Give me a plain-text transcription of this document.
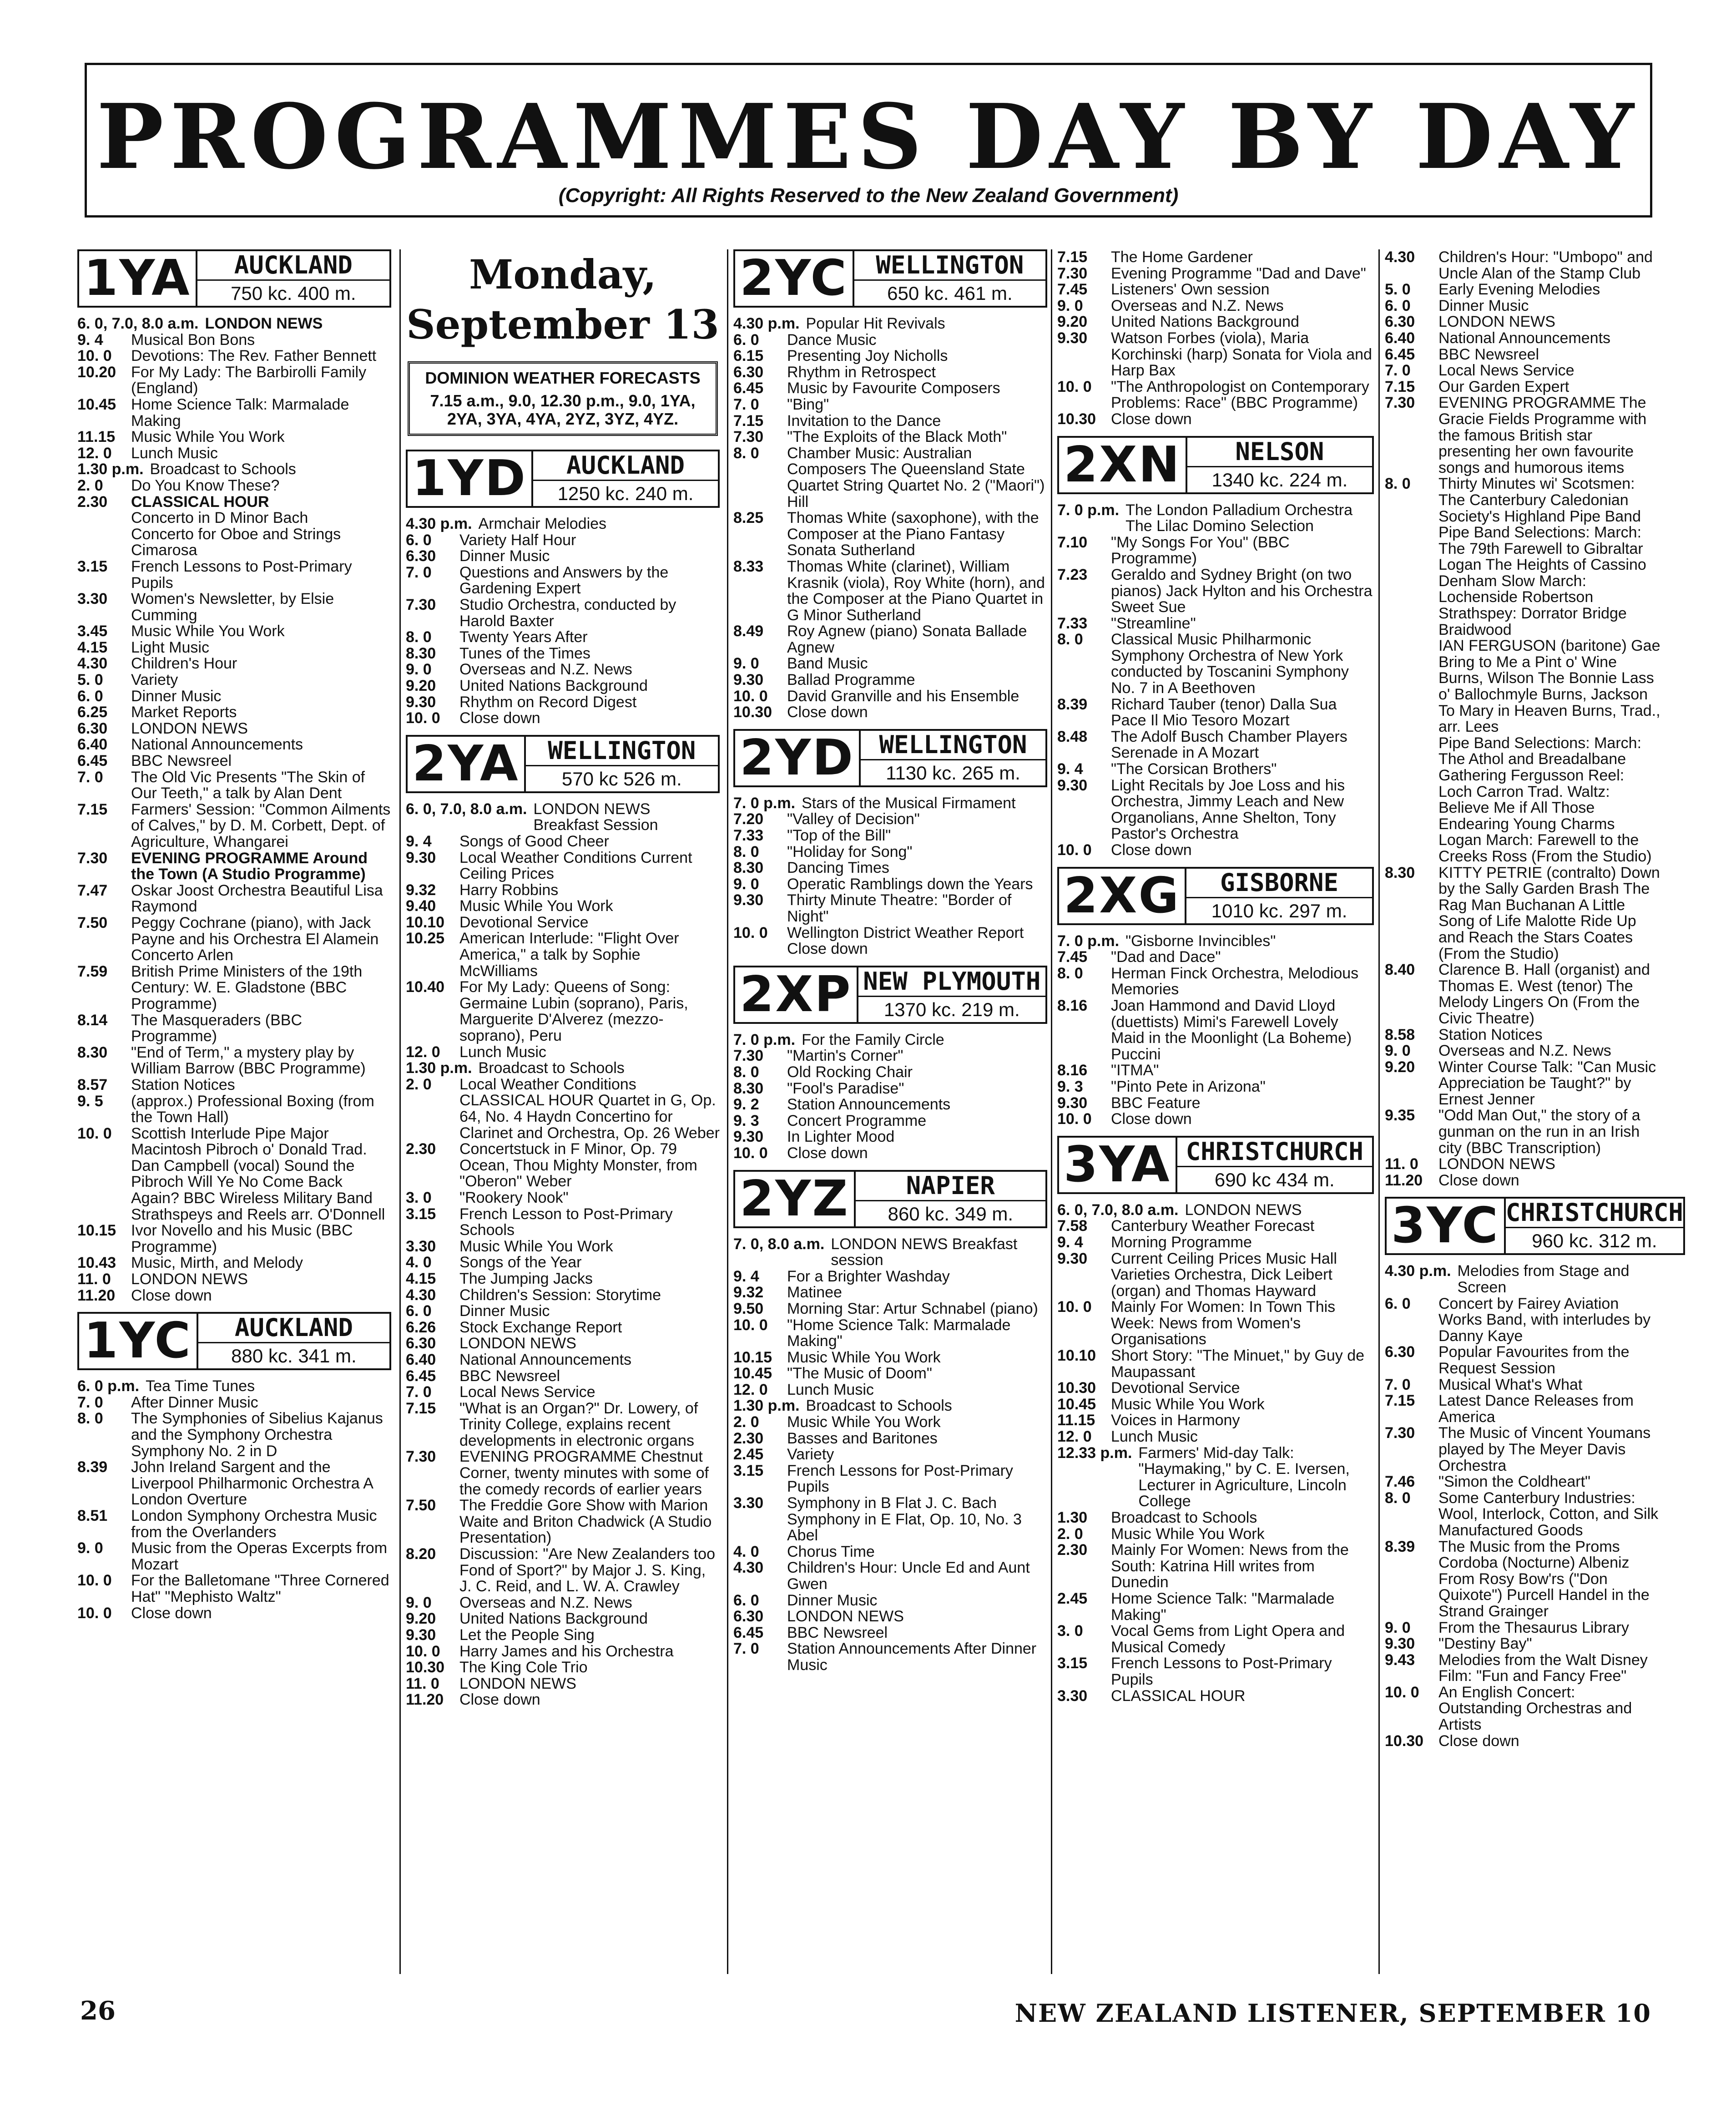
PROGRAMMES DAY BY DAY
(Copyright: All Rights Reserved to the New Zealand Government)
1YA	AUCKLAND
750 kc. 400 m.
6. 0, 7.0, 8.0 a.m. LONDON NEWS
9. 4	Musical Bon Bons
10. 0	Devotions: The Rev. Father Bennett
10.20 For My Lady: The Barbirolli Family (England)
10.45 Home Science Talk: Marmalade Making
11.15	Music While You Work
12. 0	Lunch Music
1.30 p.m. Broadcast to Schools
2. 0	Do You Know These?
2.30	CLASSICAL HOUR
Concerto in D Minor Bach
Concerto for Oboe and Strings Cimarosa
3.15	French Lessons to Post-Primary Pupils
3.30	Women's Newsletter, by Elsie Cumming
3.45	Music While You Work
4.15	Light Music
4.30	Children's Hour
5. 0	Variety
6. 0	Dinner Music
6.25	Market Reports
6.30	LONDON NEWS
6.40	National Announcements
6.45	BBC Newsreel
7. 0	The Old Vic Presents "The Skin of Our Teeth," a talk by Alan Dent
7.15	Farmers' Session: "Common Ailments of Calves," by D. M. Corbett, Dept. of Agriculture, Whangarei
7.30	EVENING PROGRAMME Around the Town (A Studio Programme)
7.47	Oskar Joost Orchestra Beautiful Lisa Raymond
7.50	Peggy Cochrane (piano), with Jack Payne and his Orchestra El Alamein Concerto Arlen
7.59	British Prime Ministers of the 19th Century: W. E. Gladstone (BBC Programme)
8.14	The Masqueraders (BBC Programme)
8.30	"End of Term," a mystery play by William Barrow (BBC Programme)
8.57	Station Notices
9. 5	(approx.) Professional Boxing (from the Town Hall)
10. 0	Scottish Interlude Pipe Major Macintosh Pibroch o' Donald Trad. Dan Campbell (vocal) Sound the Pibroch Will Ye No Come Back Again? BBC Wireless Military Band Strathspeys and Reels arr. O'Donnell
10.15 Ivor Novello and his Music (BBC Programme)
10.43 Music, Mirth, and Melody
11. 0	LONDON NEWS
11.20	Close down
1YC	AUCKLAND
880 kc. 341 m.
6. 0 p.m. Tea Time Tunes
7. 0	After Dinner Music
8. 0	The Symphonies of Sibelius Kajanus and the Symphony Orchestra Symphony No. 2 in D
8.39	John Ireland Sargent and the Liverpool Philharmonic Orchestra A London Overture
8.51	London Symphony Orchestra Music from the Overlanders
9. 0	Music from the Operas Excerpts from Mozart
10. 0	For the Balletomane "Three Cornered Hat" "Mephisto Waltz"
10. 0	Close down
Monday, September 13
DOMINION WEATHER FORECASTS
7.15 a.m., 9.0, 12.30 p.m., 9.0, 1YA, 2YA, 3YA, 4YA, 2YZ, 3YZ, 4YZ.
1YD	AUCKLAND
1250 kc. 240 m.
4.30 p.m. Armchair Melodies
6. 0	Variety Half Hour
6.30	Dinner Music
7. 0	Questions and Answers by the Gardening Expert
7.30	Studio Orchestra, conducted by Harold Baxter
8. 0	Twenty Years After
8.30	Tunes of the Times
9. 0	Overseas and N.Z. News
9.20	United Nations Background
9.30	Rhythm on Record Digest
10. 0	Close down
2YA	WELLINGTON
570 kc 526 m.
6. 0, 7.0, 8.0 a.m. LONDON NEWS Breakfast Session
9. 4	Songs of Good Cheer
9.30	Local Weather Conditions Current Ceiling Prices
9.32	Harry Robbins
9.40	Music While You Work
10.10 Devotional Service
10.25 American Interlude: "Flight Over America," a talk by Sophie McWilliams
10.40 For My Lady: Queens of Song: Germaine Lubin (soprano), Paris, Marguerite D'Alverez (mezzo-soprano), Peru
12. 0	Lunch Music
1.30 p.m. Broadcast to Schools
2. 0	Local Weather Conditions
CLASSICAL HOUR Quartet in G, Op. 64, No. 4 Haydn Concertino for Clarinet and Orchestra, Op. 26 Weber
2.30	Concertstuck in F Minor, Op. 79 Ocean, Thou Mighty Monster, from "Oberon" Weber
3. 0	"Rookery Nook"
3.15	French Lesson to Post-Primary Schools
3.30	Music While You Work
4. 0	Songs of the Year
4.15	The Jumping Jacks
4.30	Children's Session: Storytime
6. 0	Dinner Music
6.26	Stock Exchange Report
6.30	LONDON NEWS
6.40	National Announcements
6.45	BBC Newsreel
7. 0	Local News Service
7.15	"What is an Organ?" Dr. Lowery, of Trinity College, explains recent developments in electronic organs
7.30	EVENING PROGRAMME Chestnut Corner, twenty minutes with some of the comedy records of earlier years
7.50	The Freddie Gore Show with Marion Waite and Briton Chadwick (A Studio Presentation)
8.20	Discussion: "Are New Zealanders too Fond of Sport?" by Major J. S. King, J. C. Reid, and L. W. A. Crawley
9. 0	Overseas and N.Z. News
9.20	United Nations Background
9.30	Let the People Sing
10. 0	Harry James and his Orchestra
10.30 The King Cole Trio
11. 0	LONDON NEWS
11.20	Close down
2YC	WELLINGTON
650 kc. 461 m.
4.30 p.m. Popular Hit Revivals
6. 0	Dance Music
6.15	Presenting Joy Nicholls
6.30	Rhythm in Retrospect
6.45	Music by Favourite Composers
7. 0	"Bing"
7.15	Invitation to the Dance
7.30	"The Exploits of the Black Moth"
8. 0	Chamber Music: Australian Composers The Queensland State Quartet String Quartet No. 2 ("Maori") Hill
8.25	Thomas White (saxophone), with the Composer at the Piano Fantasy Sonata Sutherland
8.33	Thomas White (clarinet), William Krasnik (viola), Roy White (horn), and the Composer at the Piano Quartet in G Minor Sutherland
8.49	Roy Agnew (piano) Sonata Ballade Agnew
9. 0	Band Music
9.30	Ballad Programme
10. 0	David Granville and his Ensemble
10.30 Close down
2YD	WELLINGTON
1130 kc. 265 m.
7. 0 p.m. Stars of the Musical Firmament
7.20	"Valley of Decision"
7.33	"Top of the Bill"
8. 0	"Holiday for Song"
8.30	Dancing Times
9. 0	Operatic Ramblings down the Years
9.30	Thirty Minute Theatre: "Border of Night"
10. 0	Wellington District Weather Report Close down
2XP NEW PLYMOUTH
1370 kc. 219 m.
7. 0 p.m. For the Family Circle
7.30	"Martin's Corner"
8. 0	Old Rocking Chair
8.30	"Fool's Paradise"
9. 2	Station Announcements
9. 3	Concert Programme
9.30	In Lighter Mood
10. 0	Close down
2YZ	NAPIER
860 kc. 349 m.
7. 0, 8.0 a.m. LONDON NEWS Breakfast session
9. 4	For a Brighter Washday
9.32	Matinee
9.50	Morning Star: Artur Schnabel (piano)
10. 0	"Home Science Talk: Marmalade Making"
10.15 Music While You Work
10.45 "The Music of Doom"
12. 0	Lunch Music
1.30 p.m. Broadcast to Schools
2. 0	Music While You Work
2.30	Basses and Baritones
2.45	Variety
3.15	French Lessons for Post-Primary Pupils
3.30	Symphony in B Flat J. C. Bach Symphony in E Flat, Op. 10, No. 3 Abel
4. 0	Chorus Time
4.30	Children's Hour: Uncle Ed and Aunt Gwen
6. 0	Dinner Music
6.30	LONDON NEWS
6.45	BBC Newsreel
7. 0	Station Announcements After Dinner Music
7.15	The Home Gardener
7.30	Evening Programme "Dad and Dave"
7.45	Listeners' Own session
9. 0	Overseas and N.Z. News
9.20	United Nations Background
9.30	Watson Forbes (viola), Maria Korchinski (harp) Sonata for Viola and Harp Bax
10. 0	"The Anthropologist on Contemporary Problems: Race" (BBC Programme)
10.30 Close down
2XN	NELSON
1340 kc. 224 m.
7. 0 p.m. The London Palladium Orchestra The Lilac Domino Selection
7.10	"My Songs For You" (BBC Programme)
7.23	Geraldo and Sydney Bright (on two pianos) Jack Hylton and his Orchestra Sweet Sue
7.33	"Streamline"
8. 0	Classical Music Philharmonic Symphony Orchestra of New York conducted by Toscanini Symphony No. 7 in A Beethoven
8.39	Richard Tauber (tenor) Dalla Sua Pace Il Mio Tesoro Mozart
8.48	The Adolf Busch Chamber Players Serenade in A Mozart
9. 4	"The Corsican Brothers"
9.30	Light Recitals by Joe Loss and his Orchestra, Jimmy Leach and New Organolians, Anne Shelton, Tony Pastor's Orchestra
10. 0	Close down
2XG	GISBORNE
1010 kc. 297 m.
7. 0 p.m. "Gisborne Invincibles"
7.45	"Dad and Dace"
8. 0	Herman Finck Orchestra, Melodious Memories
8.16	Joan Hammond and David Lloyd (duettists) Mimi's Farewell Lovely Maid in the Moonlight (La Boheme) Puccini
8.16	"ITMA"
9. 3	"Pinto Pete in Arizona"
9.30	BBC Feature
10. 0	Close down
3YA CHRISTCHURCH
690 kc 434 m.
6. 0, 7.0, 8.0 a.m. LONDON NEWS
7.58	Canterbury Weather Forecast
9. 4	Morning Programme
9.30	Current Ceiling Prices Music Hall Varieties Orchestra, Dick Leibert (organ) and Thomas Hayward
10. 0	Mainly For Women: In Town This Week: News from Women's Organisations
10.10 Short Story: "The Minuet," by Guy de Maupassant
10.30 Devotional Service
10.45 Music While You Work
11.15	Voices in Harmony
12. 0	Lunch Music
12.33 p.m. Farmers' Mid-day Talk: "Haymaking," by C. E. Iversen, Lecturer in Agriculture, Lincoln College
1.30	Broadcast to Schools
2. 0	Music While You Work
2.30	Mainly For Women: News from the South: Katrina Hill writes from Dunedin
2.45	Home Science Talk: "Marmalade Making"
3. 0	Vocal Gems from Light Opera and Musical Comedy
3.15	French Lessons to Post-Primary Pupils
3.30	CLASSICAL HOUR
4.30	Children's Hour: "Umbopo" and Uncle Alan of the Stamp Club
5. 0	Early Evening Melodies
6. 0	Dinner Music
6.30	LONDON NEWS
6.40	National Announcements
6.45	BBC Newsreel
7. 0	Local News Service
7.15	Our Garden Expert
7.30	EVENING PROGRAMME The Gracie Fields Programme with the famous British star presenting her own favourite songs and humorous items
8. 0	Thirty Minutes wi' Scotsmen: The Canterbury Caledonian Society's Highland Pipe Band Pipe Band Selections: March: The 79th Farewell to Gibraltar Logan The Heights of Cassino Denham Slow March: Lochenside Robertson Strathspey: Dorrator Bridge Braidwood
IAN FERGUSON (baritone) Gae Bring to Me a Pint o' Wine Burns, Wilson The Bonnie Lass o' Ballochmyle Burns, Jackson To Mary in Heaven Burns, Trad., arr. Lees
Pipe Band Selections: March: The Athol and Breadalbane Gathering Fergusson Reel: Loch Carron Trad. Waltz: Believe Me if All Those Endearing Young Charms Logan March: Farewell to the Creeks Ross (From the Studio)
8.30	KITTY PETRIE (contralto) Down by the Sally Garden Brash The Rag Man Buchanan A Little Song of Life Malotte Ride Up and Reach the Stars Coates (From the Studio)
8.40	Clarence B. Hall (organist) and Thomas E. West (tenor) The Melody Lingers On (From the Civic Theatre)
8.58	Station Notices
9. 0	Overseas and N.Z. News
9.20	Winter Course Talk: "Can Music Appreciation be Taught?" by Ernest Jenner
9.35	"Odd Man Out," the story of a gunman on the run in an Irish city (BBC Transcription)
11. 0	LONDON NEWS
11.20	Close down
3YC CHRISTCHURCH
960 kc. 312 m.
4.30 p.m. Melodies from Stage and Screen
6. 0	Concert by Fairey Aviation Works Band, with interludes by Danny Kaye
6.30	Popular Favourites from the Request Session
7. 0	Musical What's What
7.15	Latest Dance Releases from America
7.30	The Music of Vincent Youmans played by The Meyer Davis Orchestra
7.46	"Simon the Coldheart"
8. 0	Some Canterbury Industries: Wool, Interlock, Cotton, and Silk Manufactured Goods
8.39	The Music from the Proms Cordoba (Nocturne) Albeniz From Rosy Bow'rs ("Don Quixote") Purcell Handel in the Strand Grainger
9. 0	From the Thesaurus Library
9.30	"Destiny Bay"
9.43	Melodies from the Walt Disney Film: "Fun and Fancy Free"
10. 0	An English Concert: Outstanding Orchestras and Artists
10.30 Close down
26	NEW ZEALAND LISTENER, SEPTEMBER 10
